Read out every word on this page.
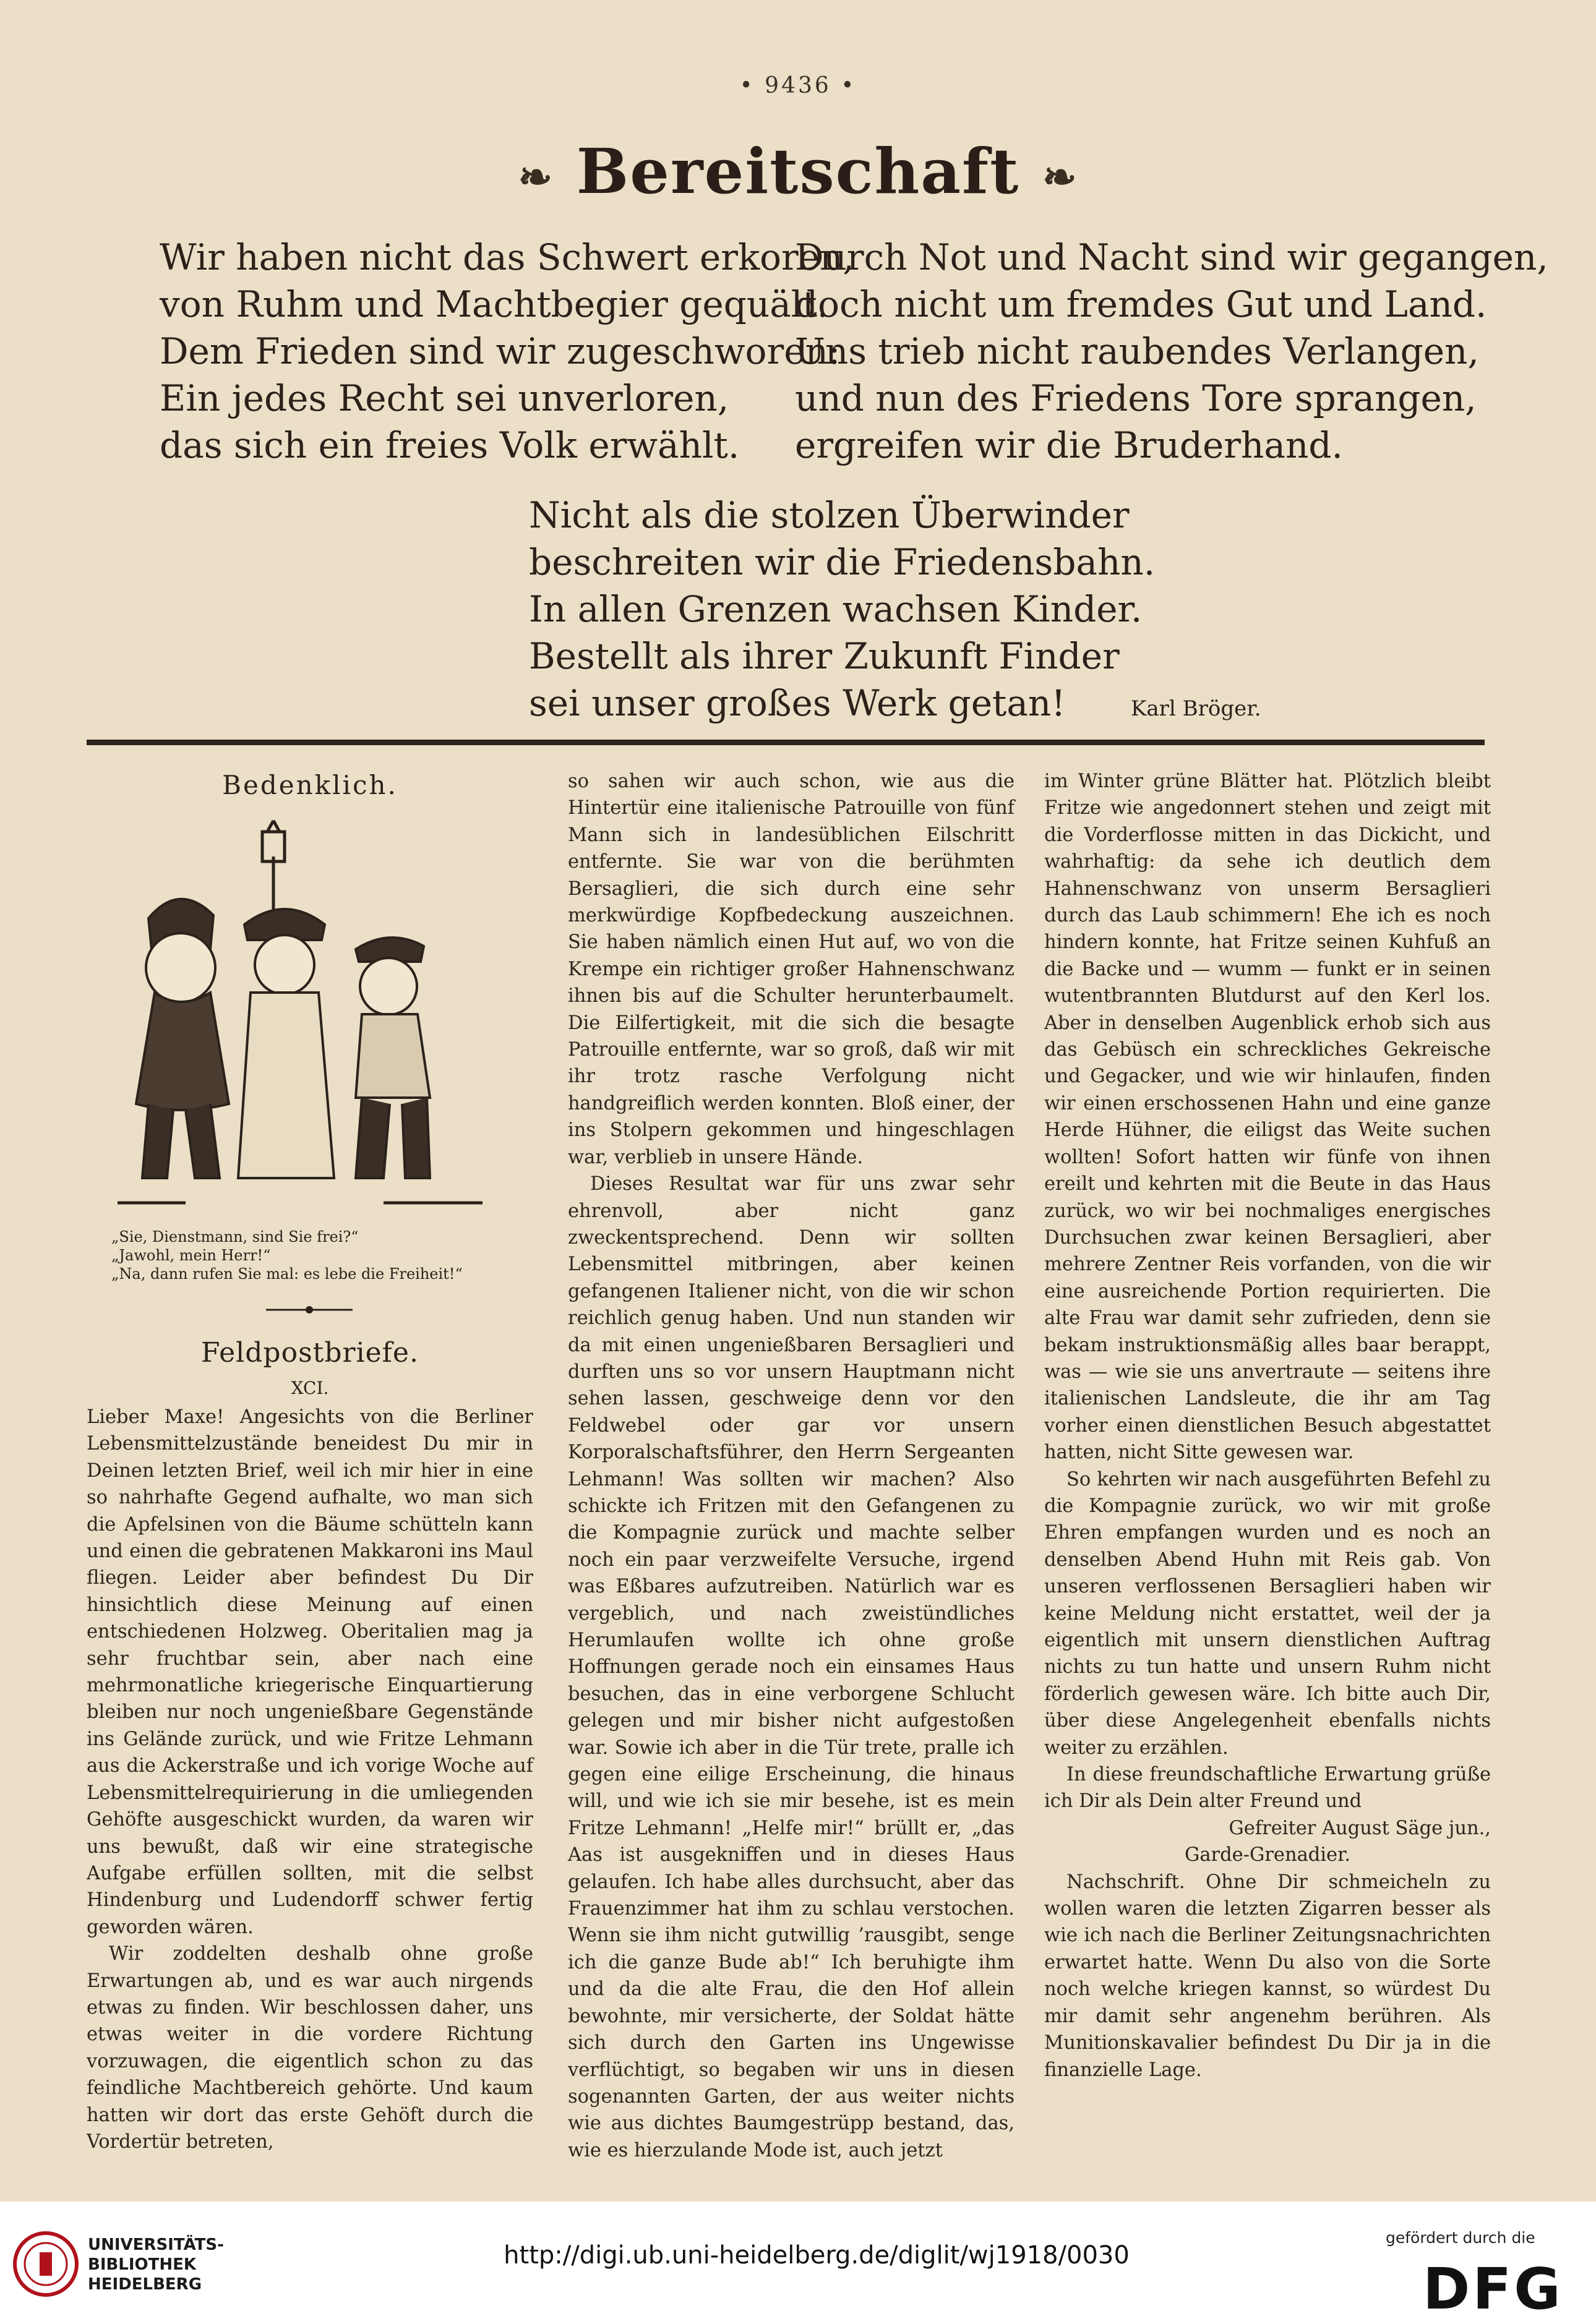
• 9436 •
❧ Bereitschaft ❧
Wir haben nicht das Schwert erkoren,
von Ruhm und Machtbegier gequält.
Dem Frieden sind wir zugeschworen:
Ein jedes Recht sei unverloren,
das sich ein freies Volk erwählt.
Durch Not und Nacht sind wir gegangen,
doch nicht um fremdes Gut und Land.
Uns trieb nicht raubendes Verlangen,
und nun des Friedens Tore sprangen,
ergreifen wir die Bruderhand.
Nicht als die stolzen Überwinder
beschreiten wir die Friedensbahn.
In allen Grenzen wachsen Kinder.
Bestellt als ihrer Zukunft Finder
sei unser großes Werk getan!	Karl Bröger.
Bedenklich.
„Sie, Dienstmann, sind Sie frei?“
„Jawohl, mein Herr!“
„Na, dann rufen Sie mal: es lebe die Freiheit!“
Feldpostbriefe.
XCI.

Lieber Maxe! Angesichts von die Berliner Lebensmittelzustände beneidest Du mir in Deinen letzten Brief, weil ich mir hier in eine so nahrhafte Gegend aufhalte, wo man sich die Apfelsinen von die Bäume schütteln kann und einen die gebratenen Makkaroni ins Maul fliegen. Leider aber befindest Du Dir hinsichtlich diese Meinung auf einen entschiedenen Holzweg. Oberitalien mag ja sehr fruchtbar sein, aber nach eine mehrmonatliche kriegerische Einquartierung bleiben nur noch ungenießbare Gegenstände ins Gelände zurück, und wie Fritze Lehmann aus die Ackerstraße und ich vorige Woche auf Lebensmittelrequirierung in die umliegenden Gehöfte ausgeschickt wurden, da waren wir uns bewußt, daß wir eine strategische Aufgabe erfüllen sollten, mit die selbst Hindenburg und Ludendorff schwer fertig geworden wären.

Wir zoddelten deshalb ohne große Erwartungen ab, und es war auch nirgends etwas zu finden. Wir beschlossen daher, uns etwas weiter in die vordere Richtung vorzuwagen, die eigentlich schon zu das feindliche Machtbereich gehörte. Und kaum hatten wir dort das erste Gehöft durch die Vordertür betreten,

so sahen wir auch schon, wie aus die Hintertür eine italienische Patrouille von fünf Mann sich in landesüblichen Eilschritt entfernte. Sie war von die berühmten Bersaglieri, die sich durch eine sehr merkwürdige Kopfbedeckung auszeichnen. Sie haben nämlich einen Hut auf, wo von die Krempe ein richtiger großer Hahnenschwanz ihnen bis auf die Schulter herunterbaumelt. Die Eilfertigkeit, mit die sich die besagte Patrouille entfernte, war so groß, daß wir mit ihr trotz rasche Verfolgung nicht handgreiflich werden konnten. Bloß einer, der ins Stolpern gekommen und hingeschlagen war, verblieb in unsere Hände.

Dieses Resultat war für uns zwar sehr ehrenvoll, aber nicht ganz zweckentsprechend. Denn wir sollten Lebensmittel mitbringen, aber keinen gefangenen Italiener nicht, von die wir schon reichlich genug haben. Und nun standen wir da mit einen ungenießbaren Bersaglieri und durften uns so vor unsern Hauptmann nicht sehen lassen, geschweige denn vor den Feldwebel oder gar vor unsern Korporalschaftsführer, den Herrn Sergeanten Lehmann! Was sollten wir machen? Also schickte ich Fritzen mit den Gefangenen zu die Kompagnie zurück und machte selber noch ein paar verzweifelte Versuche, irgend was Eßbares aufzutreiben. Natürlich war es vergeblich, und nach zweistündliches Herumlaufen wollte ich ohne große Hoffnungen gerade noch ein einsames Haus besuchen, das in eine verborgene Schlucht gelegen und mir bisher nicht aufgestoßen war. Sowie ich aber in die Tür trete, pralle ich gegen eine eilige Erscheinung, die hinaus will, und wie ich sie mir besehe, ist es mein Fritze Lehmann! „Helfe mir!“ brüllt er, „das Aas ist ausgekniffen und in dieses Haus gelaufen. Ich habe alles durchsucht, aber das Frauenzimmer hat ihm zu schlau verstochen. Wenn sie ihm nicht gutwillig ’rausgibt, senge ich die ganze Bude ab!“ Ich beruhigte ihm und da die alte Frau, die den Hof allein bewohnte, mir versicherte, der Soldat hätte sich durch den Garten ins Ungewisse verflüchtigt, so begaben wir uns in diesen sogenannten Garten, der aus weiter nichts wie aus dichtes Baumgestrüpp bestand, das, wie es hierzulande Mode ist, auch jetzt

im Winter grüne Blätter hat. Plötzlich bleibt Fritze wie angedonnert stehen und zeigt mit die Vorderflosse mitten in das Dickicht, und wahrhaftig: da sehe ich deutlich dem Hahnenschwanz von unserm Bersaglieri durch das Laub schimmern! Ehe ich es noch hindern konnte, hat Fritze seinen Kuhfuß an die Backe und — wumm — funkt er in seinen wutentbrannten Blutdurst auf den Kerl los. Aber in denselben Augenblick erhob sich aus das Gebüsch ein schreckliches Gekreische und Gegacker, und wie wir hinlaufen, finden wir einen erschossenen Hahn und eine ganze Herde Hühner, die eiligst das Weite suchen wollten! Sofort hatten wir fünfe von ihnen ereilt und kehrten mit die Beute in das Haus zurück, wo wir bei nochmaliges energisches Durchsuchen zwar keinen Bersaglieri, aber mehrere Zentner Reis vorfanden, von die wir eine ausreichende Portion requirierten. Die alte Frau war damit sehr zufrieden, denn sie bekam instruktionsmäßig alles baar berappt, was — wie sie uns anvertraute — seitens ihre italienischen Landsleute, die ihr am Tag vorher einen dienstlichen Besuch abgestattet hatten, nicht Sitte gewesen war.

So kehrten wir nach ausgeführten Befehl zu die Kompagnie zurück, wo wir mit große Ehren empfangen wurden und es noch an denselben Abend Huhn mit Reis gab. Von unseren verflossenen Bersaglieri haben wir keine Meldung nicht erstattet, weil der ja eigentlich mit unsern dienstlichen Auftrag nichts zu tun hatte und unsern Ruhm nicht förderlich gewesen wäre. Ich bitte auch Dir, über diese Angelegenheit ebenfalls nichts weiter zu erzählen.

In diese freundschaftliche Erwartung grüße ich Dir als Dein alter Freund und

Gefreiter August Säge jun.,

Garde-Grenadier.

Nachschrift. Ohne Dir schmeicheln zu wollen waren die letzten Zigarren besser als wie ich nach die Berliner Zeitungsnachrichten erwartet hatte. Wenn Du also von die Sorte noch welche kriegen kannst, so würdest Du mir damit sehr angenehm berühren. Als Munitionskavalier befindest Du Dir ja in die finanzielle Lage.

UNIVERSITÄTS-
BIBLIOTHEK
HEIDELBERG
http://digi.ub.uni-heidelberg.de/diglit/wj1918/0030
gefördert durch die
DFG
